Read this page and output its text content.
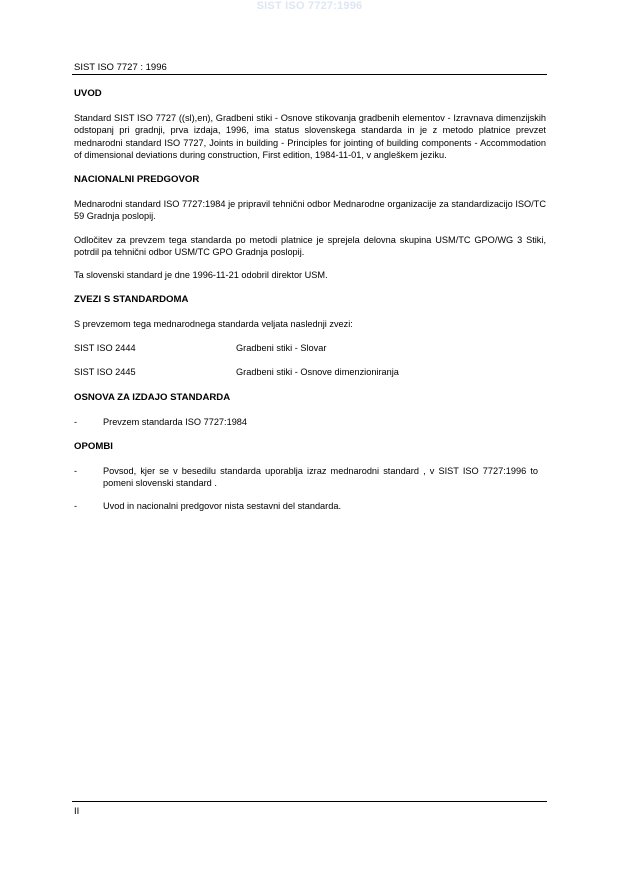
SIST ISO 7727:1996
SIST ISO 7727 : 1996
UVOD

Standard SIST ISO 7727 ((sl),en), Gradbeni stiki - Osnove stikovanja gradbenih elementov - Izravnava dimenzijskih odstopanj pri gradnji, prva izdaja, 1996, ima status slovenskega standarda in je z metodo platnice prevzet mednarodni standard ISO 7727, Joints in building - Principles for jointing of building components - Accommodation of dimensional deviations during construction, First edition, 1984-11-01, v angleškem jeziku.

NACIONALNI PREDGOVOR

Mednarodni standard ISO 7727:1984 je pripravil tehnični odbor Mednarodne organizacije za standardizacijo ISO/TC 59 Gradnja poslopij.

Odločitev za prevzem tega standarda po metodi platnice je sprejela delovna skupina USM/TC GPO/WG 3 Stiki, potrdil pa tehnični odbor USM/TC GPO Gradnja poslopij.

Ta slovenski standard je dne 1996-11-21 odobril direktor USM.

ZVEZI S STANDARDOMA

S prevzemom tega mednarodnega standarda veljata naslednji zvezi:

SIST ISO 2444	Gradbeni stiki - Slovar
SIST ISO 2445	Gradbeni stiki - Osnove dimenzioniranja
OSNOVA ZA IZDAJO STANDARDA
-	Prevzem standarda ISO 7727:1984
OPOMBI
-	Povsod, kjer se v besedilu standarda uporablja izraz mednarodni standard , v SIST ISO 7727:1996 to pomeni slovenski standard .
-	Uvod in nacionalni predgovor nista sestavni del standarda.
II
